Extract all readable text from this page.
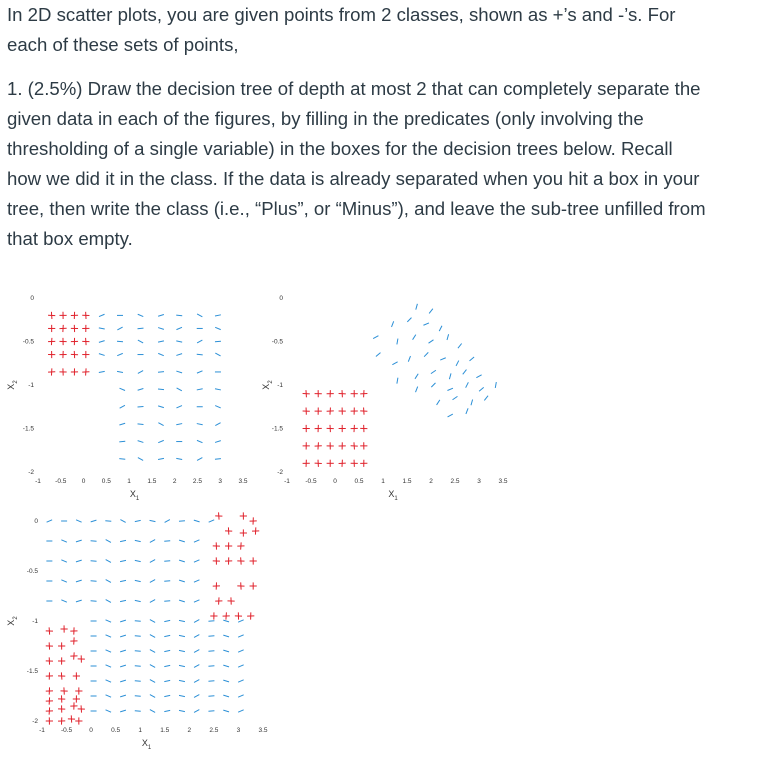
In 2D scatter plots, you are given points from 2 classes, shown as +’s and -’s. For
each of these sets of points,
1. (2.5%) Draw the decision tree of depth at most 2 that can completely separate the
given data in each of the figures, by filling in the predicates (only involving the
thresholding of a single variable) in the boxes for the decision trees below. Recall
how we did it in the class. If the data is already separated when you hit a box in your
tree, then write the class (i.e., “Plus”, or “Minus”), and leave the sub-tree unfilled from
that box empty.
-1 -0.5 0	0.5	1	1.5	2	2.5	3	3.5
0
-0.5
-1
-1.5
-2
$X_1$
$X_2$
-1 -0.5	0	0.5	1	1.5	2	2.5	3	3.5
0
-0.5
-1
-1.5
-2
$X_1$
$X_2$
-1 -0.5	0	0.5	1	1.5	2	2.5	3	3.5
0
-0.5
-1
-1.5
-2
$X_1$
$X_2$
